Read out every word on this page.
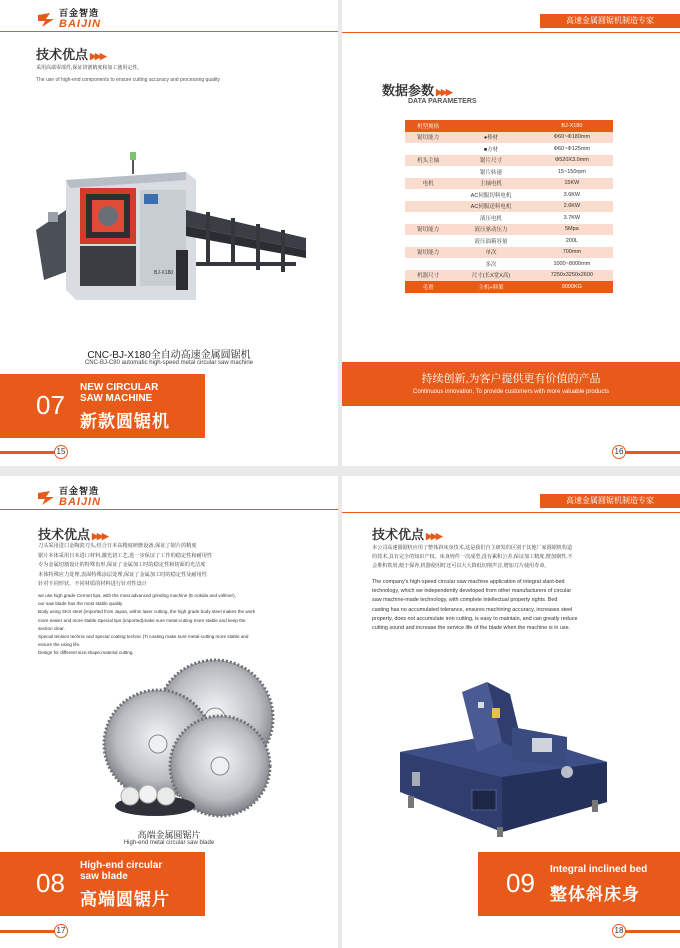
百金智造
BAIJIN
技术优点 ▶▶▶
采用高端零部件,保证切割精度和加工使用定性。
The use of high-end components to ensure cutting accuracy and processing quality
BJ-X180
CNC-BJ-X180全自动高速金属圆锯机
CNC-BJ-C80 automatic high-speed metal circular saw machine
07
NEW CIRCULAR
SAW MACHINE
新款圆锯机
15
高速金属圆锯机制造专家
数据参数 ▶▶▶
DATA PARAMETERS
机型规格		BJ-X180
锯切能力	●棒材	Φ60~Φ180mm
	■方材	Φ60~Φ125mm
机头主轴	锯片尺寸	Φ520X3.0mm
	锯片转速	15~150rpm
电机	主轴电机	15KW
	AC伺服切料电机	3.6KW
	AC伺服送料电机	2.6KW
	液压电机	3.7KW
锯切能力	液压驱动压力	5Mpa
	液压油箱容量	200L
锯切能力	单次	700mm
	多次	1000~8000mm
机器尺寸	尺寸(长X宽X高)	7250x3250x2600
毛重	主机+料架	9000KG
持续创新,为客户提供更有价值的产品
Continuous innovation, To provide customers with more valuable products
16
百金智造
BAIJIN
技术优点 ▶▶▶
刀头采用进口金陶瓷刀头,结合日本高精度研磨设备,保证了锯片的精度
锯片本体采用日本进口材料,激光切工艺,进一步保证了工作的稳定性和耐用性
专为金属切割设计的特殊齿形,保证了金属加工时的稳定性和切面的光洁度
本体特殊应力处理,表面特殊涂层处理,保证了金属加工时的稳定性及耐用性
针对不同形状、不同材质的材料进行针对性设计
we use high grade Cermet tips, with the most advanced grinding machine (E.nokida and vollmer),
our saw blade has the most stable quality
Body using SKS steel (imported from Japan, within laser cutting, the high grade body steel makes the work
more easier and more stable.Special tips (imported)make sure metal-cutting more stable and keep the
section clear.
Special tension technic and special coating technic (Ti coating make sure metal-cutting more stable and
ensure the using life.
Design for different size,shape,material cutting.
高端金属圆锯片
High-end metal circular saw blade
08
High-end circular
saw blade
高端圆锯片
17
高速金属圆锯机制造专家
技术优点 ▶▶▶
本公司高速圆锯机应用了整体斜床身技术,这是我们自主研发的区别于其他厂家圆锯机构造
的技术,具有完全的知识产权。床身铸件一次成型,没有累积公差,保证加工精度,增加钢性,不
会堆积铁屑,便于保养,机器使用时还可以大大降低切削声音,增加刀片使用寿命。
The company's high-speed circular saw machine application of integral slant-bed
technology, which we independently developed from other manufacturers of circular
saw machine-made technology, with complete intellectual property rights. Bed
casting has no accumulated tolerance, ensures machining accuracy, increases steel
property, does not accumulate iron cutting, is easy to maintain, and can greatly reduce
cutting sound and increase the service life of the blade when the machine is in use.
09 Integral inclined bed
整体斜床身
18
